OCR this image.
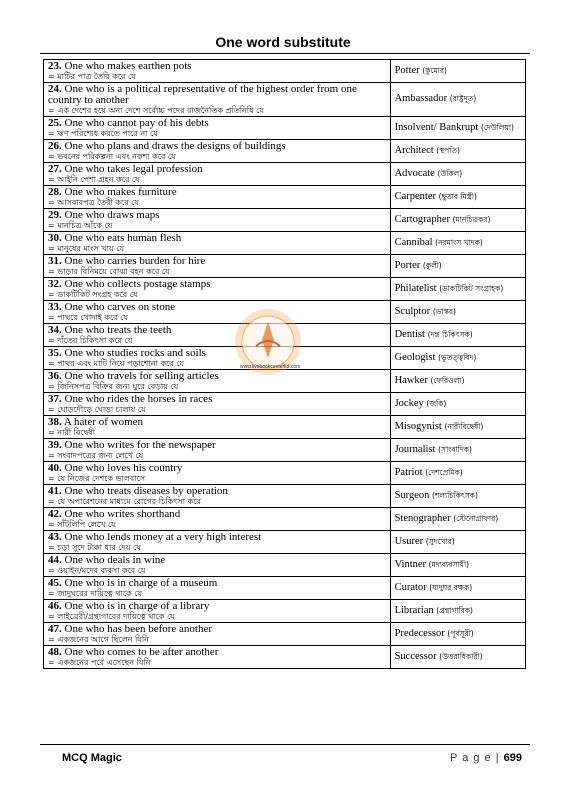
One word substitute
23. One who makes earthen pots
= মাটির পাত্র তৈরি করে যে	Potter (কুমোর)

24. One who is a political representative of the highest order from one country to another
= এক দেশের হয়ে অন্য দেশে সর্বোচ্চ পদের রাজনৈতিক প্রতিনিধি যে	Ambassador (রাষ্ট্রদূত)

25. One who cannot pay of his debts
= ঋণ পরিশোধ করতে পারে না যে	Insolvent/ Bankrupt (দেউলিয়া)

26. One who plans and draws the designs of buildings
= ভবনের পরিকল্পনা এবং নকশা করে যে	Architect (স্থপতি)

27. One who takes legal profession
= আইনি পেশা গ্রহন করে যে	Advocate (উকিল)

28. One who makes furniture
= আসবাবপত্র তৈরী করে যে	Carpenter (ছুতার মিস্ত্রী)

29. One who draws maps
= মানচিত্র আঁকে যে	Cartographer (মানচিত্রকর)

30. One who eats human flesh
= মানুষের মাংস খায় যে	Cannibal (নরমাংস খাদক)

31. One who carries burden for hire
= ভাড়ার বিনিময়ে বোঝা বহন করে যে	Porter (কুলী)

32. One who collects postage stamps
= ডাকটিকিট সংগ্রহ করে যে	Philatelist (ডাকটিকিট সংগ্রাহক)

33. One who carves on stone
= পাথরে খোদাই করে যে	Sculptor (ভাস্কর)

34. One who treats the teeth
= দাঁতের চিকিৎসা করে যে	Dentist (দন্ত চিকিৎসক)

35. One who studies rocks and soils
= পাথর এবং মাটি নিয়ে পড়াশোনা করে যে	Geologist (ভূতত্ত্ববিদ)

36. One who travels for selling articles
= জিনিসপত্র বিক্রির জন্য ঘুরে বেড়ায় যে	Hawker (ফেরিওলা)

37. One who rides the horses in races
= ঘোড়দৌড়ে ঘোড়া চালায় যে	Jockey (জকি)

38. A hater of women
= নারী বিদ্বেষী	Misogynist (নারীবিদ্বেষী)

39. One who writes for the newspaper
= সংবাদপত্রের জন্য লেখে যে	Journalist (সাংবাদিক)

40. One who loves his country
= যে নিজের দেশকে ভালবাসে	Patriot (দেশপ্রেমিক)

41. One who treats diseases by operation
= যে অপারেশনের মাধ্যমে রোগের চিকিৎসা করে	Surgeon (শল্যচিকিৎসক)

42. One who writes shorthand
= সাঁটলিপি লেখে যে	Stenographer (স্টেনোগ্রাফার)

43. One who lends money at a very high interest
= চড়া সুদে টাকা ধার দেয় যে	Usurer (সুদখোর)

44. One who deals in wine
= ওয়াইন/মদের ব্যবসা করে যে	Vintner (মদ্যব্যবসায়ী)

45. One who is in charge of a museum
= জাদুঘরের দায়িত্বে থাকে যে	Curator (যাদুঘর রক্ষক)

46. One who is in charge of a library
= লাইব্রেরী/গ্রন্থাগারের দায়িত্বে থাকে যে	Librarian (গ্রন্থাগারিক)

47. One who has been before another
= একজনের আগে ছিলেন যিনি	Predecessor (পূর্বসূরী)

48. One who comes to be after another
= একজনের পরে এসেছেন যিনি	Successor (উত্তরাধিকারী)
www.livebookcenterltd.com
MCQ Magic	P a g e | 699
